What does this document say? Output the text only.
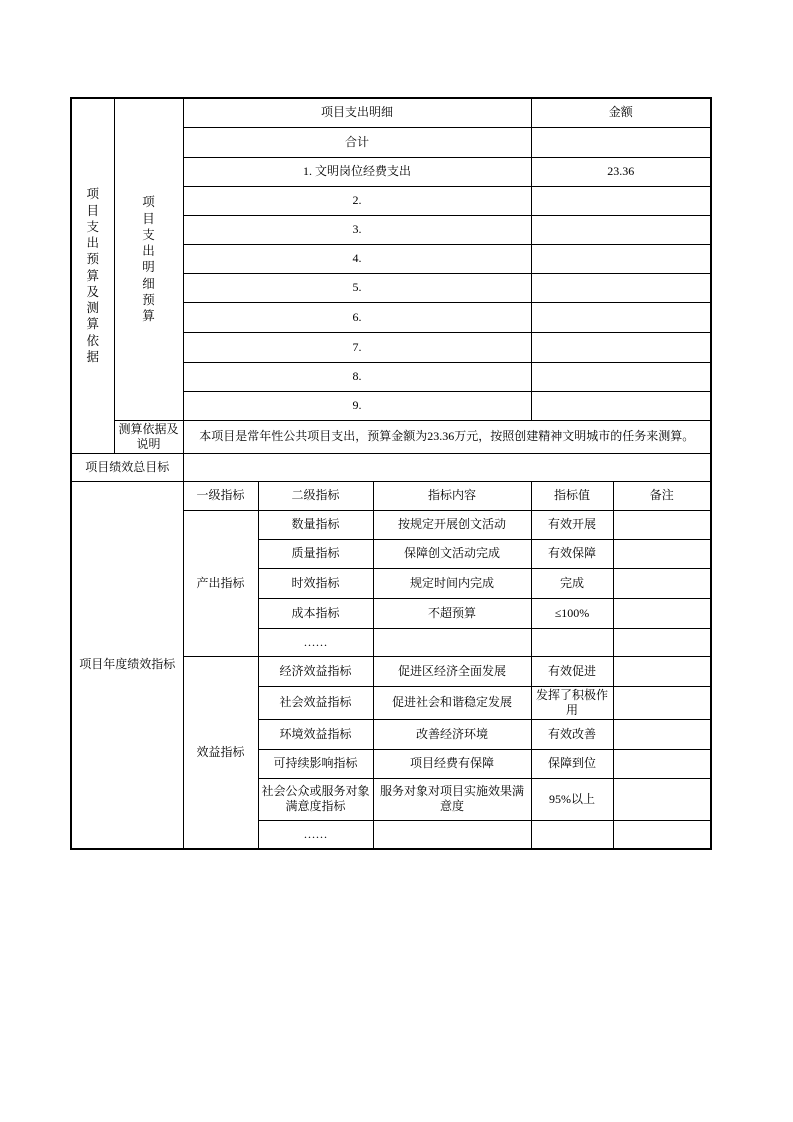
项目支出预算及测算依据	项目支出明细预算	项目支出明细			金额	
		合计				
		1. 文明岗位经费支出			23.36	
		2.				
		3.				
		4.				
		5.				
		6.				
		7.				
		8.				
		9.				
	测算依据及说明	本项目是常年性公共项目支出，预算金额为23.36万元，按照创建精神文明城市的任务来测算。				
项目绩效总目标						
项目年度绩效指标		一级指标	二级指标	指标内容	指标值	备注
		产出指标	数量指标	按规定开展创文活动	有效开展	
			质量指标	保障创文活动完成	有效保障	
			时效指标	规定时间内完成	完成	
			成本指标	不超预算	≤100%	
			……			
		效益指标	经济效益指标	促进区经济全面发展	有效促进	
			社会效益指标	促进社会和谐稳定发展	发挥了积极作用	
			环境效益指标	改善经济环境	有效改善	
			可持续影响指标	项目经费有保障	保障到位	
			社会公众或服务对象满意度指标	服务对象对项目实施效果满意度	95%以上	
			……			
